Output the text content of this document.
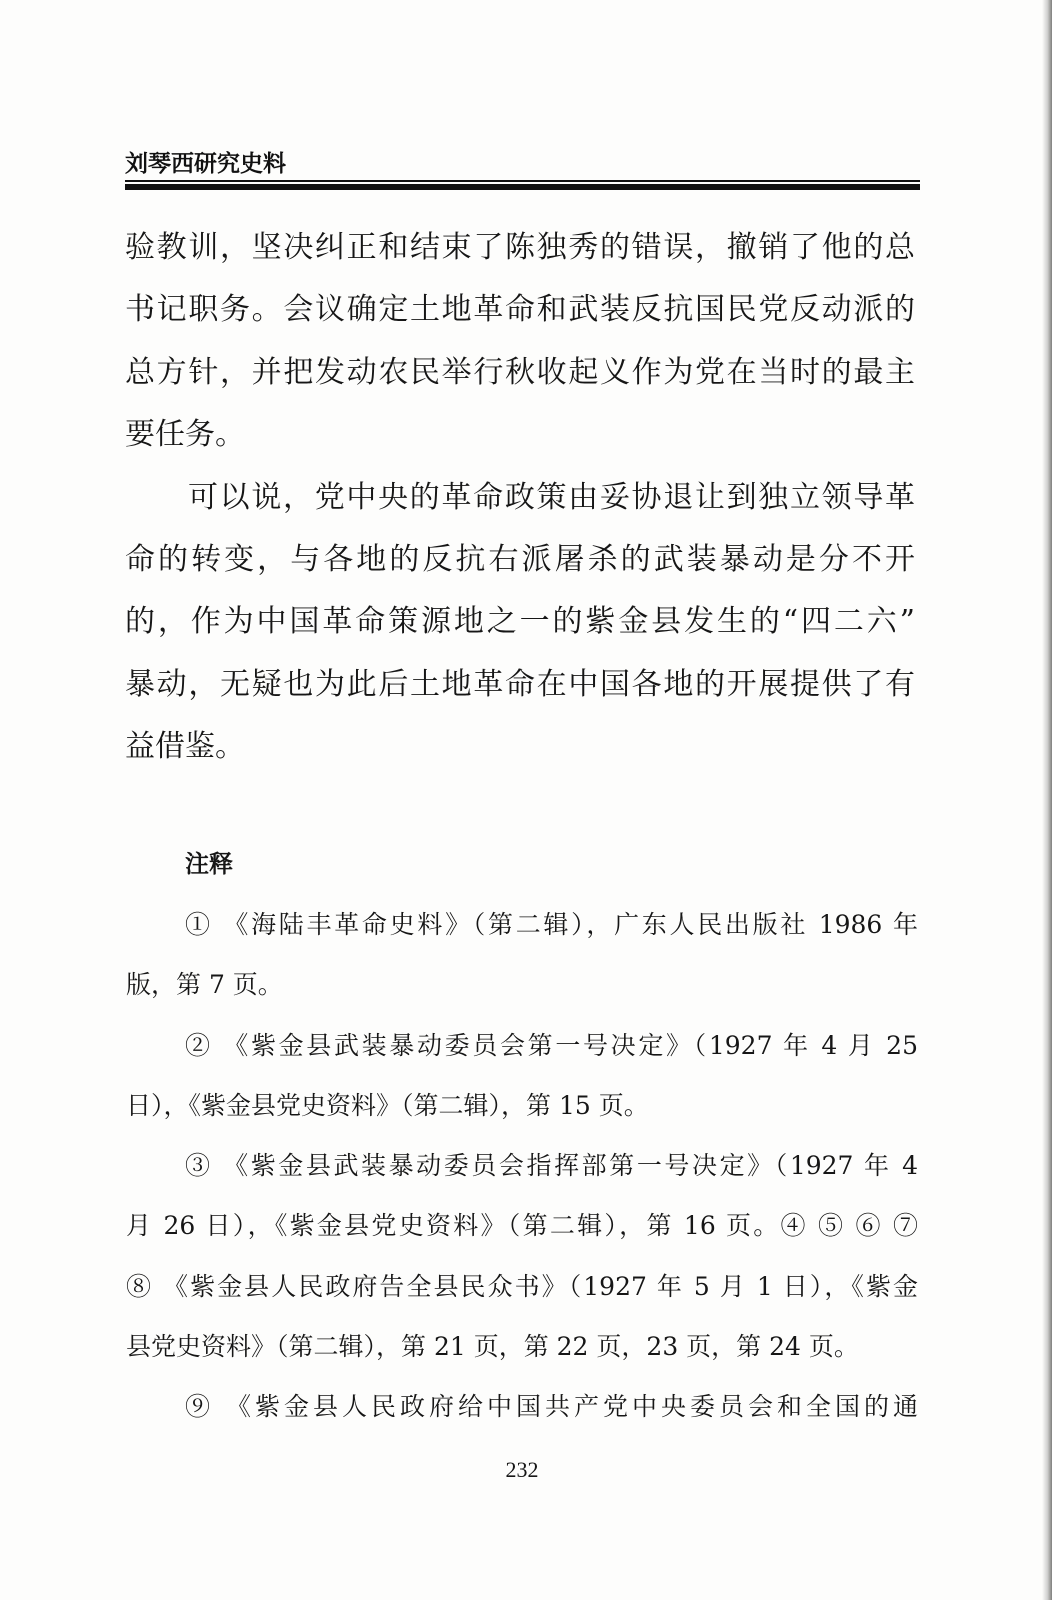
刘琴西研究史料
验教训，坚决纠正和结束了陈独秀的错误，撤销了他的总
书记职务。会议确定土地革命和武装反抗国民党反动派的
总方针，并把发动农民举行秋收起义作为党在当时的最主
要任务。
可以说，党中央的革命政策由妥协退让到独立领导革
命的转变，与各地的反抗右派屠杀的武装暴动是分不开
的，作为中国革命策源地之一的紫金县发生的“四二六”
暴动，无疑也为此后土地革命在中国各地的开展提供了有
益借鉴。
注释
① 《海陆丰革命史料》（第二辑），广东人民出版社 1986 年
版，第 7 页。
② 《紫金县武装暴动委员会第一号决定》（1927 年 4 月 25
日），《紫金县党史资料》（第二辑），第 15 页。
③ 《紫金县武装暴动委员会指挥部第一号决定》（1927 年 4
月 26 日），《紫金县党史资料》（第二辑），第 16 页。④ ⑤ ⑥ ⑦
⑧ 《紫金县人民政府告全县民众书》（1927 年 5 月 1 日），《紫金
县党史资料》（第二辑），第 21 页，第 22 页，23 页，第 24 页。
⑨ 《紫金县人民政府给中国共产党中央委员会和全国的通
232
